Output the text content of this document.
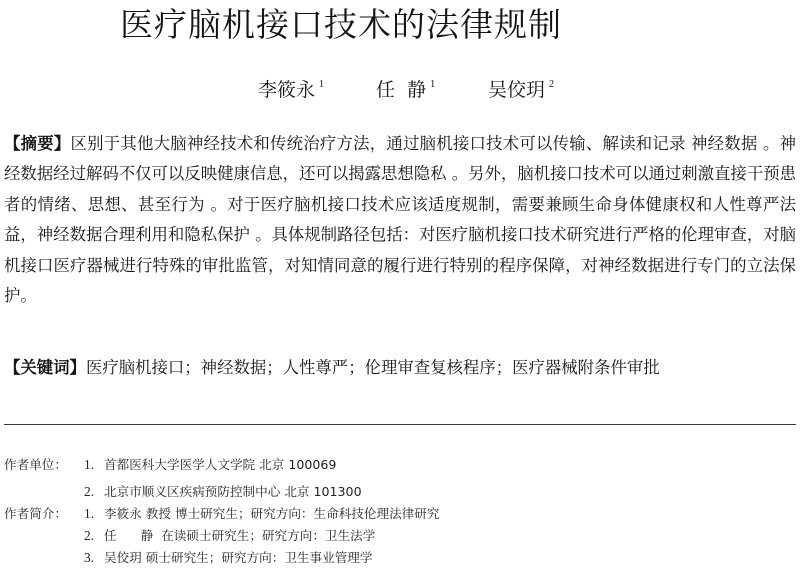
医疗脑机接口技术的法律规制
李筱永 $^1$	任  静 $^1$	吴佼玥 $^2$
【摘要】区别于其他大脑神经技术和传统治疗方法，通过脑机接口技术可以传输、解读和记录 神经数据 。神经数据经过解码不仅可以反映健康信息，还可以揭露思想隐私 。另外，脑机接口技术可以通过刺激直接干预患者的情绪、思想、甚至行为 。对于医疗脑机接口技术应该适度规制，需要兼顾生命身体健康权和人性尊严法益，神经数据合理利用和隐私保护 。具体规制路径包括：对医疗脑机接口技术研究进行严格的伦理审查，对脑机接口医疗器械进行特殊的审批监管，对知情同意的履行进行特别的程序保障，对神经数据进行专门的立法保护。
【关键词】医疗脑机接口；神经数据；人性尊严；伦理审查复核程序；医疗器械附条件审批
作者单位： 1. 首都医科大学医学人文学院 北京 100069
2. 北京市顺义区疾病预防控制中心 北京 101300
作者简介： 1. 李筱永 教授 博士研究生；研究方向：生命科技伦理法律研究
2. 任      静  在读硕士研究生；研究方向：卫生法学
3. 吴佼玥 硕士研究生；研究方向：卫生事业管理学
